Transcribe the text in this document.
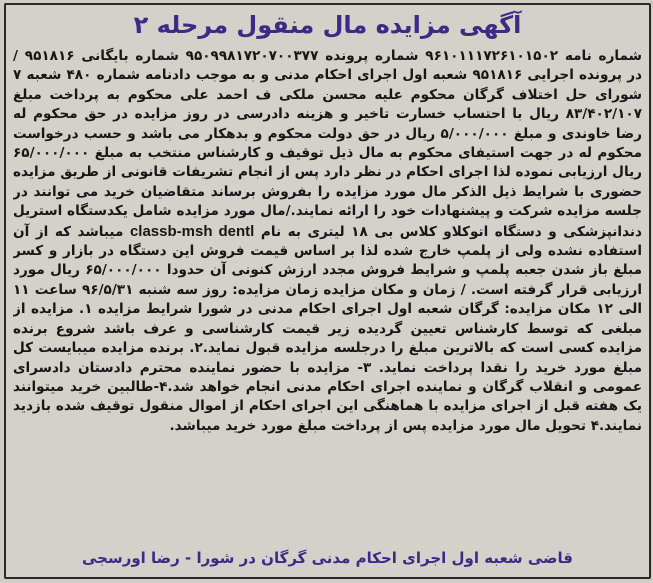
آگهی مزایده مال منقول مرحله ۲
شماره نامه ۹۶۱۰۱۱۱۷۲۶۱۰۱۵۰۲ شماره پرونده ۹۵۰۹۹۸۱۷۲۰۷۰۰۳۷۷ شماره بایگانی ۹۵۱۸۱۶ / در پرونده اجرایی ۹۵۱۸۱۶ شعبه اول اجرای احکام مدنی و به موجب دادنامه شماره ۴۸۰ شعبه ۷ شورای حل اختلاف گرگان محکوم علیه محسن ملکی ف احمد علی محکوم به پرداخت مبلغ ۸۳/۴۰۲/۱۰۷ ریال با احتساب خسارت تاخیر و هزینه دادرسی در روز مزایده در حق محکوم له رضا خاوندی و مبلغ ۵/۰۰۰/۰۰۰ ریال در حق دولت محکوم و بدهکار می باشد و حسب درخواست محکوم له در جهت استیفای محکوم به مال ذیل توقیف و کارشناس منتخب به مبلغ ۶۵/۰۰۰/۰۰۰ ریال ارزیابی نموده لذا اجرای احکام در نظر دارد پس از انجام تشریفات قانونی از طریق مزایده حضوری با شرایط ذیل الذکر مال مورد مزایده را بفروش برساند متقاضیان خرید می توانند در جلسه مزایده شرکت و پیشنهادات خود را ارائه نمایند./مال مورد مزایده شامل یکدستگاه استریل دندانپزشکی و دستگاه اتوکلاو کلاس بی ۱۸ لیتری به نام classb-msh dentl میباشد که از آن استفاده نشده ولی از پلمپ خارج شده لذا بر اساس قیمت فروش این دستگاه در بازار و کسر مبلغ باز شدن جعبه پلمپ و شرایط فروش مجدد ارزش کنونی آن حدودا ۶۵/۰۰۰/۰۰۰ ریال مورد ارزیابی قرار گرفته است. / زمان و مکان مزایده زمان مزایده: روز سه شنبه ۹۶/۵/۳۱ ساعت ۱۱ الی ۱۲ مکان مزایده: گرگان شعبه اول اجرای احکام مدنی در شورا شرایط مزایده ۱. مزایده از مبلغی که توسط کارشناس تعیین گردیده زیر قیمت کارشناسی و عرف باشد شروع برنده مزایده کسی است که بالاترین مبلغ را درجلسه مزایده قبول نماید.۲. برنده مزایده میبایست کل مبلغ مورد خرید را نقدا پرداخت نماید. ۳- مزایده با حضور نماینده محترم دادستان دادسرای عمومی و انقلاب گرگان و نماینده اجرای احکام مدنی انجام خواهد شد.۴-طالبین خرید میتوانند یک هفته قبل از اجرای مزایده با هماهنگی این اجرای احکام از اموال منقول توقیف شده بازدید نمایند.۴ تحویل مال مورد مزایده پس از پرداخت مبلغ مورد خرید میباشد.
قاضی شعبه اول اجرای احکام مدنی گرگان در شورا - رضا اورسجی
